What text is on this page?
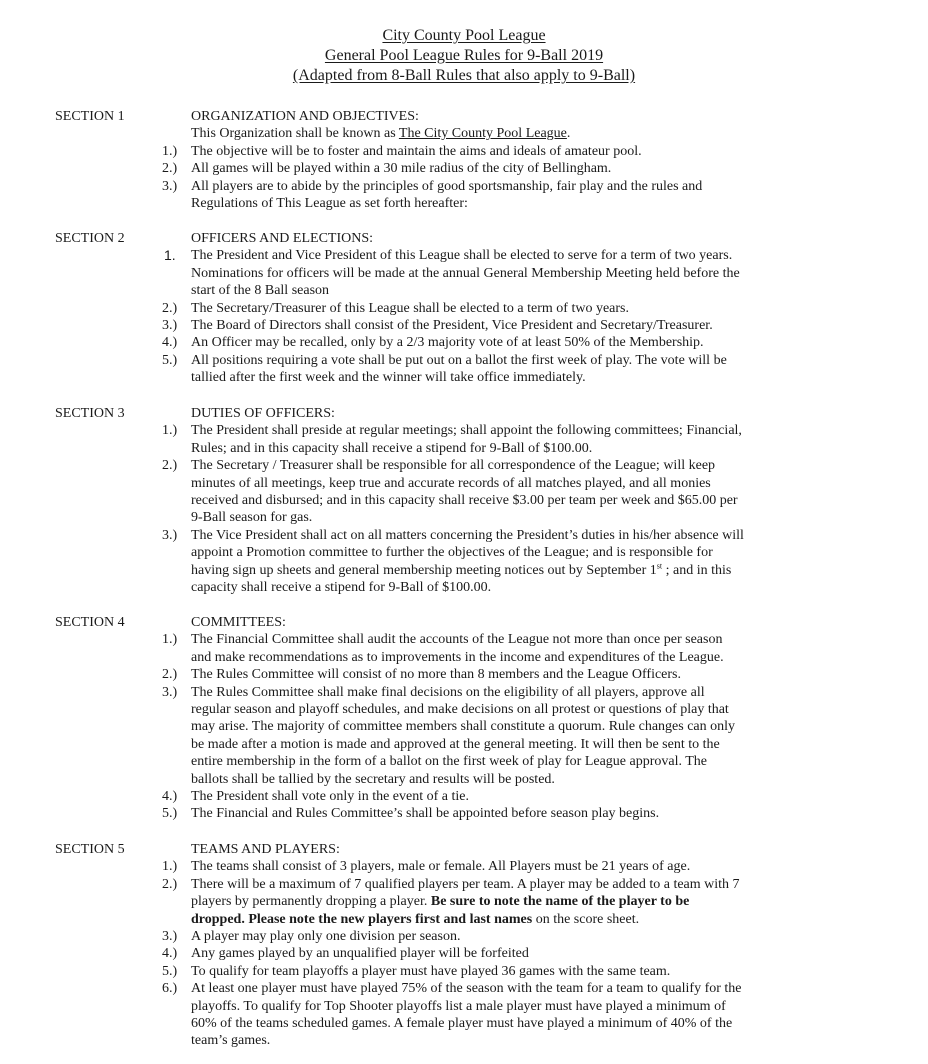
City County Pool League
General Pool League Rules for 9-Ball 2019
(Adapted from 8-Ball Rules that also apply to 9-Ball)
SECTION 1	ORGANIZATION AND OBJECTIVES:
This Organization shall be known as The City County Pool League.
1.) The objective will be to foster and maintain the aims and ideals of amateur pool.
2.) All games will be played within a 30 mile radius of the city of Bellingham.
3.) All players are to abide by the principles of good sportsmanship, fair play and the rules and
Regulations of This League as set forth hereafter:
SECTION 2	OFFICERS AND ELECTIONS:
1. The President and Vice President of this League shall be elected to serve for a term of two years.
Nominations for officers will be made at the annual General Membership Meeting held before the
start of the 8 Ball season
2.) The Secretary/Treasurer of this League shall be elected to a term of two years.
3.) The Board of Directors shall consist of the President, Vice President and Secretary/Treasurer.
4.) An Officer may be recalled, only by a 2/3 majority vote of at least 50% of the Membership.
5.) All positions requiring a vote shall be put out on a ballot the first week of play. The vote will be
tallied after the first week and the winner will take office immediately.
SECTION 3	DUTIES OF OFFICERS:
1.) The President shall preside at regular meetings; shall appoint the following committees; Financial,
Rules; and in this capacity shall receive a stipend for 9-Ball of $100.00.
2.) The Secretary / Treasurer shall be responsible for all correspondence of the League; will keep
minutes of all meetings, keep true and accurate records of all matches played, and all monies
received and disbursed; and in this capacity shall receive $3.00 per team per week and $65.00 per
9-Ball season for gas.
3.) The Vice President shall act on all matters concerning the President’s duties in his/her absence will
appoint a Promotion committee to further the objectives of the League; and is responsible for
having sign up sheets and general membership meeting notices out by September 1st ; and in this
capacity shall receive a stipend for 9-Ball of $100.00.
SECTION 4	COMMITTEES:
1.) The Financial Committee shall audit the accounts of the League not more than once per season
and make recommendations as to improvements in the income and expenditures of the League.
2.) The Rules Committee will consist of no more than 8 members and the League Officers.
3.) The Rules Committee shall make final decisions on the eligibility of all players, approve all
regular season and playoff schedules, and make decisions on all protest or questions of play that
may arise. The majority of committee members shall constitute a quorum. Rule changes can only
be made after a motion is made and approved at the general meeting. It will then be sent to the
entire membership in the form of a ballot on the first week of play for League approval. The
ballots shall be tallied by the secretary and results will be posted.
4.) The President shall vote only in the event of a tie.
5.) The Financial and Rules Committee’s shall be appointed before season play begins.
SECTION 5	TEAMS AND PLAYERS:
1.) The teams shall consist of 3 players, male or female. All Players must be 21 years of age.
2.) There will be a maximum of 7 qualified players per team. A player may be added to a team with 7
players by permanently dropping a player. Be sure to note the name of the player to be
dropped. Please note the new players first and last names on the score sheet.
3.) A player may play only one division per season.
4.) Any games played by an unqualified player will be forfeited
5.) To qualify for team playoffs a player must have played 36 games with the same team.
6.) At least one player must have played 75% of the season with the team for a team to qualify for the
playoffs. To qualify for Top Shooter playoffs list a male player must have played a minimum of
60% of the teams scheduled games. A female player must have played a minimum of 40% of the
team’s games.
